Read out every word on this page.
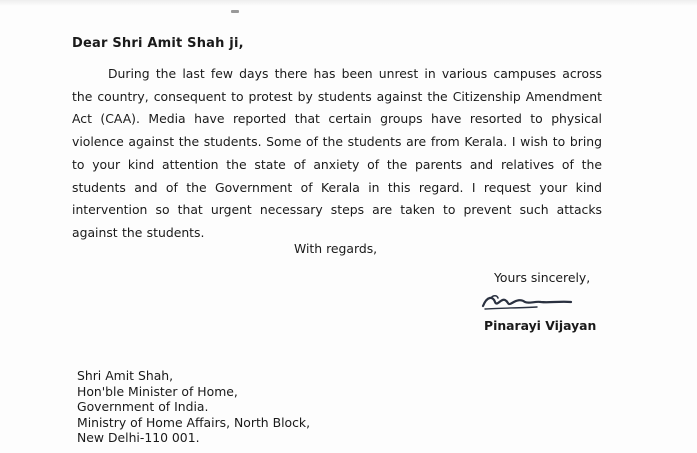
Dear Shri Amit Shah ji,

During the last few days there has been unrest in various campuses across the country, consequent to protest by students against the Citizenship Amendment Act (CAA). Media have reported that certain groups have resorted to physical violence against the students. Some of the students are from Kerala. I wish to bring to your kind attention the state of anxiety of the parents and relatives of the students and of the Government of Kerala in this regard. I request your kind intervention so that urgent necessary steps are taken to prevent such attacks against the students.

With regards,
Yours sincerely,
Pinarayi Vijayan
Shri Amit Shah,
Hon'ble Minister of Home,
Government of India.
Ministry of Home Affairs, North Block,
New Delhi-110 001.
